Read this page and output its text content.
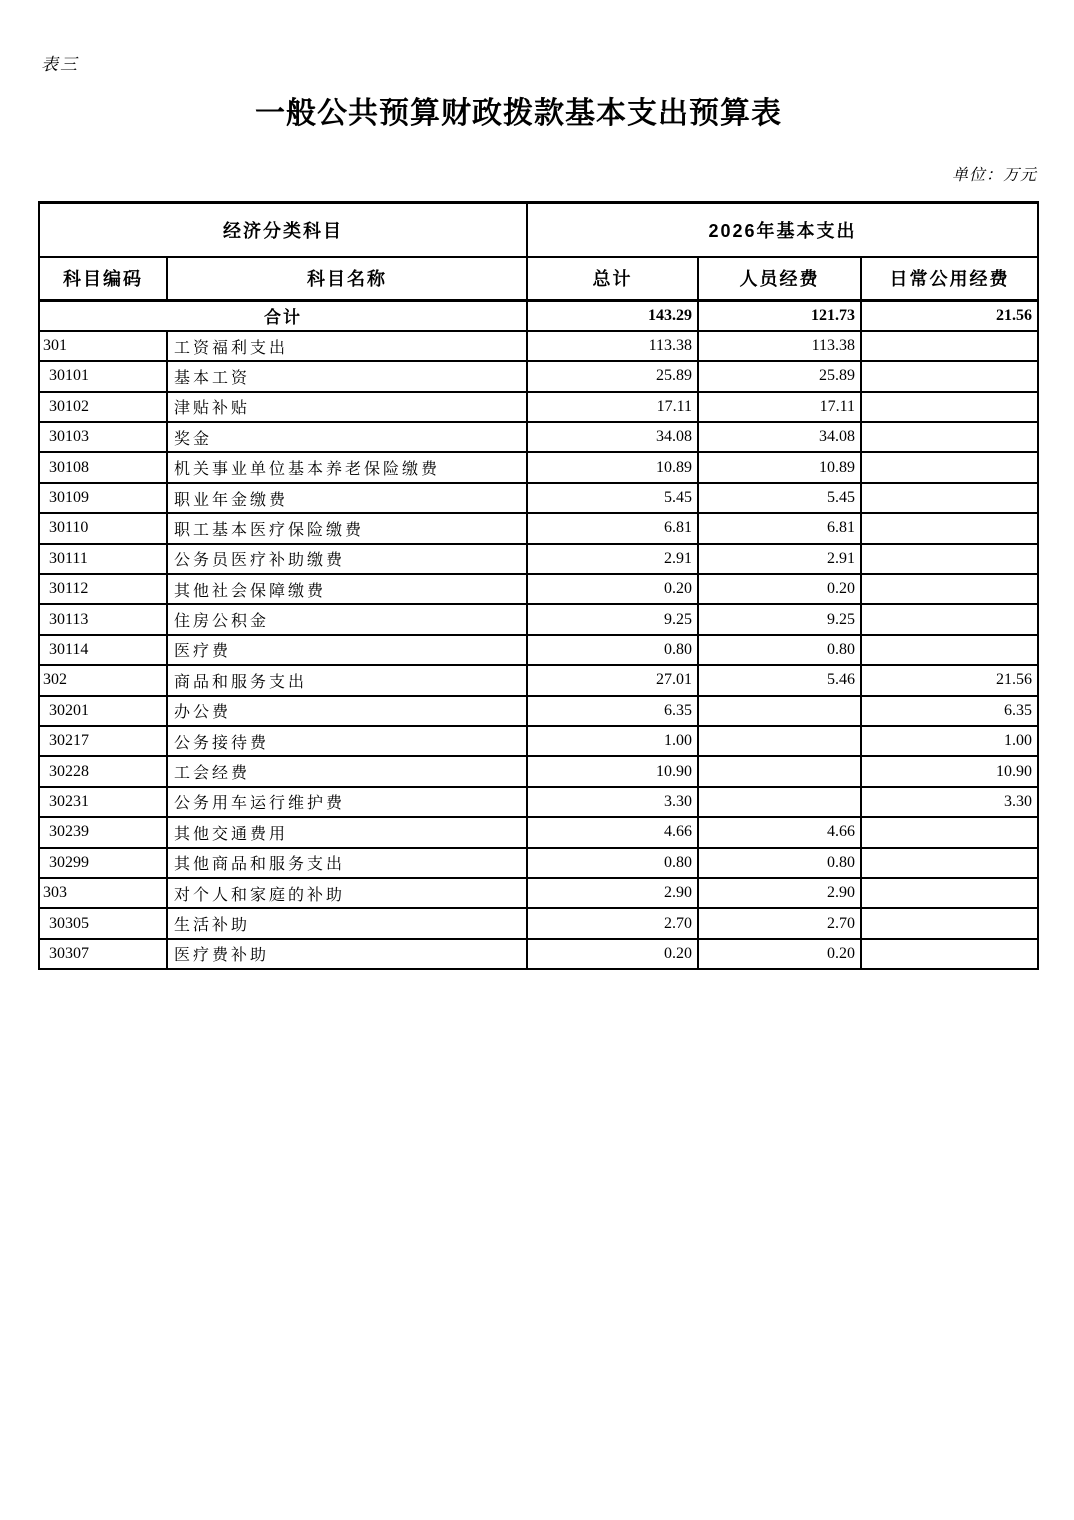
表三
一般公共预算财政拨款基本支出预算表
单位：万元
经济分类科目		2026年基本支出		
科目编码	科目名称	总计	人员经费	日常公用经费
合计		143.29	121.73	21.56
301	工资福利支出	113.38	113.38	
30101	基本工资	25.89	25.89	
30102	津贴补贴	17.11	17.11	
30103	奖金	34.08	34.08	
30108	机关事业单位基本养老保险缴费	10.89	10.89	
30109	职业年金缴费	5.45	5.45	
30110	职工基本医疗保险缴费	6.81	6.81	
30111	公务员医疗补助缴费	2.91	2.91	
30112	其他社会保障缴费	0.20	0.20	
30113	住房公积金	9.25	9.25	
30114	医疗费	0.80	0.80	
302	商品和服务支出	27.01	5.46	21.56
30201	办公费	6.35		6.35
30217	公务接待费	1.00		1.00
30228	工会经费	10.90		10.90
30231	公务用车运行维护费	3.30		3.30
30239	其他交通费用	4.66	4.66	
30299	其他商品和服务支出	0.80	0.80	
303	对个人和家庭的补助	2.90	2.90	
30305	生活补助	2.70	2.70	
30307	医疗费补助	0.20	0.20	
